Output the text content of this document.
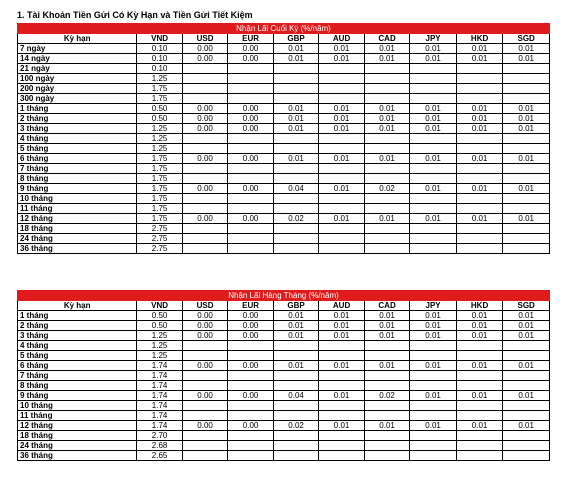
1. Tài Khoản Tiền Gửi Có Kỳ Hạn và Tiền Gửi Tiết Kiệm
Nhận Lãi Cuối Kỳ (%/năm)									
Kỳ hạn	VND	USD	EUR	GBP	AUD	CAD	JPY	HKD	SGD
7 ngày	0.10	0.00	0.00	0.01	0.01	0.01	0.01	0.01	0.01
14 ngày	0.10	0.00	0.00	0.01	0.01	0.01	0.01	0.01	0.01
21 ngày	0.10								
100 ngày	1.25								
200 ngày	1.75								
300 ngày	1.75								
1 tháng	0.50	0.00	0.00	0.01	0.01	0.01	0.01	0.01	0.01
2 tháng	0.50	0.00	0.00	0.01	0.01	0.01	0.01	0.01	0.01
3 tháng	1.25	0.00	0.00	0.01	0.01	0.01	0.01	0.01	0.01
4 tháng	1.25								
5 tháng	1.25								
6 tháng	1.75	0.00	0.00	0.01	0.01	0.01	0.01	0.01	0.01
7 tháng	1.75								
8 tháng	1.75								
9 tháng	1.75	0.00	0.00	0.04	0.01	0.02	0.01	0.01	0.01
10 tháng	1.75								
11 tháng	1.75								
12 tháng	1.75	0.00	0.00	0.02	0.01	0.01	0.01	0.01	0.01
18 tháng	2.75								
24 tháng	2.75								
36 tháng	2.75								
Nhận Lãi Hàng Tháng (%/năm)									
Kỳ hạn	VND	USD	EUR	GBP	AUD	CAD	JPY	HKD	SGD
1 tháng	0.50	0.00	0.00	0.01	0.01	0.01	0.01	0.01	0.01
2 tháng	0.50	0.00	0.00	0.01	0.01	0.01	0.01	0.01	0.01
3 tháng	1.25	0.00	0.00	0.01	0.01	0.01	0.01	0.01	0.01
4 tháng	1.25								
5 tháng	1.25								
6 tháng	1.74	0.00	0.00	0.01	0.01	0.01	0.01	0.01	0.01
7 tháng	1.74								
8 tháng	1.74								
9 tháng	1.74	0.00	0.00	0.04	0.01	0.02	0.01	0.01	0.01
10 tháng	1.74								
11 tháng	1.74								
12 tháng	1.74	0.00	0.00	0.02	0.01	0.01	0.01	0.01	0.01
18 tháng	2.70								
24 tháng	2.68								
36 tháng	2.65								
